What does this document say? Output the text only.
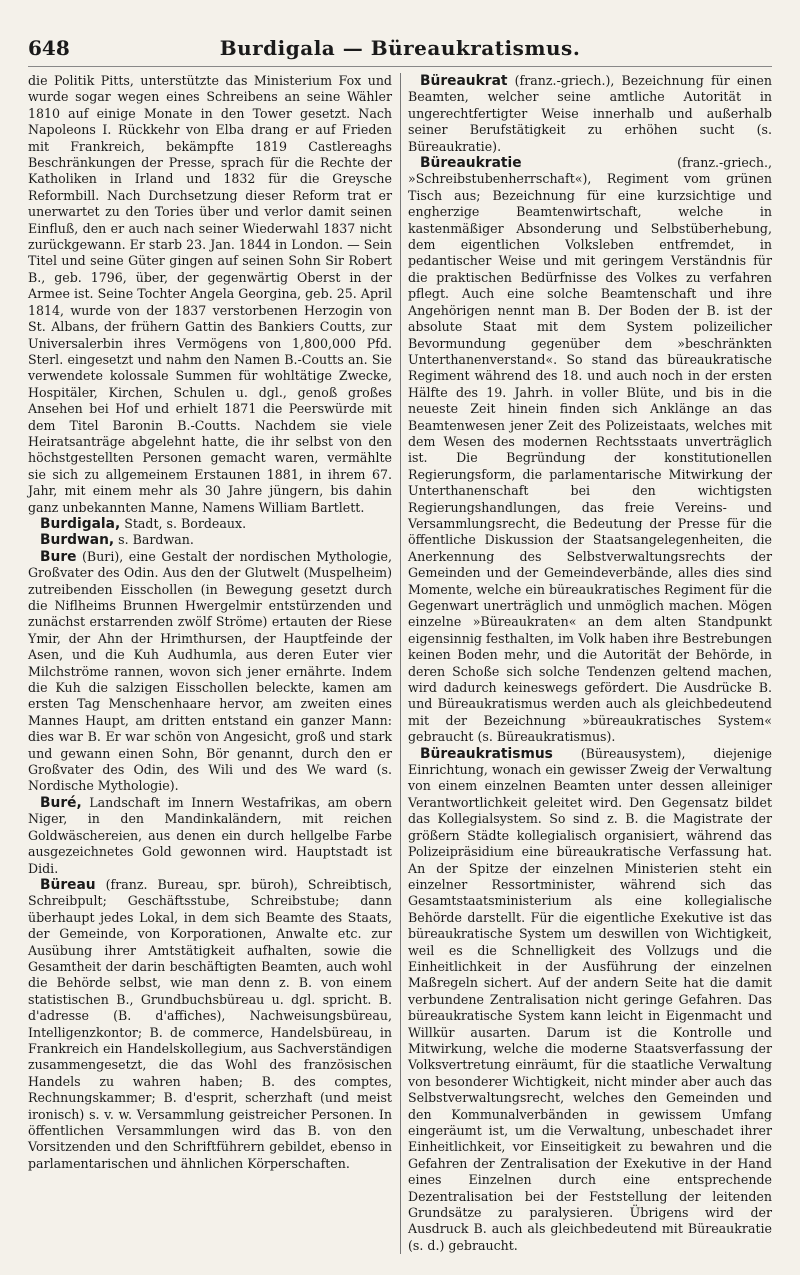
648	Burdigala — Büreaukratismus.

die Politik Pitts, unterstützte das Ministerium Fox und wurde sogar wegen eines Schreibens an seine Wähler 1810 auf einige Monate in den Tower gesetzt. Nach Napoleons I. Rückkehr von Elba drang er auf Frieden mit Frankreich, bekämpfte 1819 Castlereaghs Beschränkungen der Presse, sprach für die Rechte der Katholiken in Irland und 1832 für die Greysche Reformbill. Nach Durchsetzung dieser Reform trat er unerwartet zu den Tories über und verlor damit seinen Einfluß, den er auch nach seiner Wiederwahl 1837 nicht zurückgewann. Er starb 23. Jan. 1844 in London. — Sein Titel und seine Güter gingen auf seinen Sohn Sir Robert B., geb. 1796, über, der gegenwärtig Oberst in der Armee ist. Seine Tochter Angela Georgina, geb. 25. April 1814, wurde von der 1837 verstorbenen Herzogin von St. Albans, der frühern Gattin des Bankiers Coutts, zur Universalerbin ihres Vermögens von 1,800,000 Pfd. Sterl. eingesetzt und nahm den Namen B.-Coutts an. Sie verwendete kolossale Summen für wohltätige Zwecke, Hospitäler, Kirchen, Schulen u. dgl., genoß großes Ansehen bei Hof und erhielt 1871 die Peerswürde mit dem Titel Baronin B.-Coutts. Nachdem sie viele Heiratsanträge abgelehnt hatte, die ihr selbst von den höchstgestellten Personen gemacht waren, vermählte sie sich zu allgemeinem Erstaunen 1881, in ihrem 67. Jahr, mit einem mehr als 30 Jahre jüngern, bis dahin ganz unbekannten Manne, Namens William Bartlett.

Burdigala, Stadt, s. Bordeaux.

Burdwan, s. Bardwan.

Bure (Buri), eine Gestalt der nordischen Mythologie, Großvater des Odin. Aus den der Glutwelt (Muspelheim) zutreibenden Eisschollen (in Bewegung gesetzt durch die Niflheims Brunnen Hwergelmir entstürzenden und zunächst erstarrenden zwölf Ströme) ertauten der Riese Ymir, der Ahn der Hrimthursen, der Hauptfeinde der Asen, und die Kuh Audhumla, aus deren Euter vier Milchströme rannen, wovon sich jener ernährte. Indem die Kuh die salzigen Eisschollen beleckte, kamen am ersten Tag Menschenhaare hervor, am zweiten eines Mannes Haupt, am dritten entstand ein ganzer Mann: dies war B. Er war schön von Angesicht, groß und stark und gewann einen Sohn, Bör genannt, durch den er Großvater des Odin, des Wili und des We ward (s. Nordische Mythologie).

Buré, Landschaft im Innern Westafrikas, am obern Niger, in den Mandinkaländern, mit reichen Goldwäschereien, aus denen ein durch hellgelbe Farbe ausgezeichnetes Gold gewonnen wird. Hauptstadt ist Didi.

Büreau (franz. Bureau, spr. büroh), Schreibtisch, Schreibpult; Geschäftsstube, Schreibstube; dann überhaupt jedes Lokal, in dem sich Beamte des Staats, der Gemeinde, von Korporationen, Anwalte etc. zur Ausübung ihrer Amtstätigkeit aufhalten, sowie die Gesamtheit der darin beschäftigten Beamten, auch wohl die Behörde selbst, wie man denn z. B. von einem statistischen B., Grundbuchsbüreau u. dgl. spricht. B. d'adresse (B. d'affiches), Nachweisungsbüreau, Intelligenzkontor; B. de commerce, Handelsbüreau, in Frankreich ein Handelskollegium, aus Sachverständigen zusammengesetzt, die das Wohl des französischen Handels zu wahren haben; B. des comptes, Rechnungskammer; B. d'esprit, scherzhaft (und meist ironisch) s. v. w. Versammlung geistreicher Personen. In öffentlichen Versammlungen wird das B. von den Vorsitzenden und den Schriftführern gebildet, ebenso in parlamentarischen und ähnlichen Körperschaften.

Büreaukrat (franz.-griech.), Bezeichnung für einen Beamten, welcher seine amtliche Autorität in ungerechtfertigter Weise innerhalb und außerhalb seiner Berufstätigkeit zu erhöhen sucht (s. Büreaukratie).

Büreaukratie (franz.-griech., »Schreibstubenherrschaft«), Regiment vom grünen Tisch aus; Bezeichnung für eine kurzsichtige und engherzige Beamtenwirtschaft, welche in kastenmäßiger Absonderung und Selbstüberhebung, dem eigentlichen Volksleben entfremdet, in pedantischer Weise und mit geringem Verständnis für die praktischen Bedürfnisse des Volkes zu verfahren pflegt. Auch eine solche Beamtenschaft und ihre Angehörigen nennt man B. Der Boden der B. ist der absolute Staat mit dem System polizeilicher Bevormundung gegenüber dem »beschränkten Unterthanenverstand«. So stand das büreaukratische Regiment während des 18. und auch noch in der ersten Hälfte des 19. Jahrh. in voller Blüte, und bis in die neueste Zeit hinein finden sich Anklänge an das Beamtenwesen jener Zeit des Polizeistaats, welches mit dem Wesen des modernen Rechtsstaats unverträglich ist. Die Begründung der konstitutionellen Regierungsform, die parlamentarische Mitwirkung der Unterthanenschaft bei den wichtigsten Regierungshandlungen, das freie Vereins- und Versammlungsrecht, die Bedeutung der Presse für die öffentliche Diskussion der Staatsangelegenheiten, die Anerkennung des Selbstverwaltungsrechts der Gemeinden und der Gemeindeverbände, alles dies sind Momente, welche ein büreaukratisches Regiment für die Gegenwart unerträglich und unmöglich machen. Mögen einzelne »Büreaukraten« an dem alten Standpunkt eigensinnig festhalten, im Volk haben ihre Bestrebungen keinen Boden mehr, und die Autorität der Behörde, in deren Schoße sich solche Tendenzen geltend machen, wird dadurch keineswegs gefördert. Die Ausdrücke B. und Büreaukratismus werden auch als gleichbedeutend mit der Bezeichnung »büreaukratisches System« gebraucht (s. Büreaukratismus).

Büreaukratismus (Büreausystem), diejenige Einrichtung, wonach ein gewisser Zweig der Verwaltung von einem einzelnen Beamten unter dessen alleiniger Verantwortlichkeit geleitet wird. Den Gegensatz bildet das Kollegialsystem. So sind z. B. die Magistrate der größern Städte kollegialisch organisiert, während das Polizeipräsidium eine büreaukratische Verfassung hat. An der Spitze der einzelnen Ministerien steht ein einzelner Ressortminister, während sich das Gesamtstaatsministerium als eine kollegialische Behörde darstellt. Für die eigentliche Exekutive ist das büreaukratische System um deswillen von Wichtigkeit, weil es die Schnelligkeit des Vollzugs und die Einheitlichkeit in der Ausführung der einzelnen Maßregeln sichert. Auf der andern Seite hat die damit verbundene Zentralisation nicht geringe Gefahren. Das büreaukratische System kann leicht in Eigenmacht und Willkür ausarten. Darum ist die Kontrolle und Mitwirkung, welche die moderne Staatsverfassung der Volksvertretung einräumt, für die staatliche Verwaltung von besonderer Wichtigkeit, nicht minder aber auch das Selbstverwaltungsrecht, welches den Gemeinden und den Kommunalverbänden in gewissem Umfang eingeräumt ist, um die Verwaltung, unbeschadet ihrer Einheitlichkeit, vor Einseitigkeit zu bewahren und die Gefahren der Zentralisation der Exekutive in der Hand eines Einzelnen durch eine entsprechende Dezentralisation bei der Feststellung der leitenden Grundsätze zu paralysieren. Übrigens wird der Ausdruck B. auch als gleichbedeutend mit Büreaukratie (s. d.) gebraucht.
